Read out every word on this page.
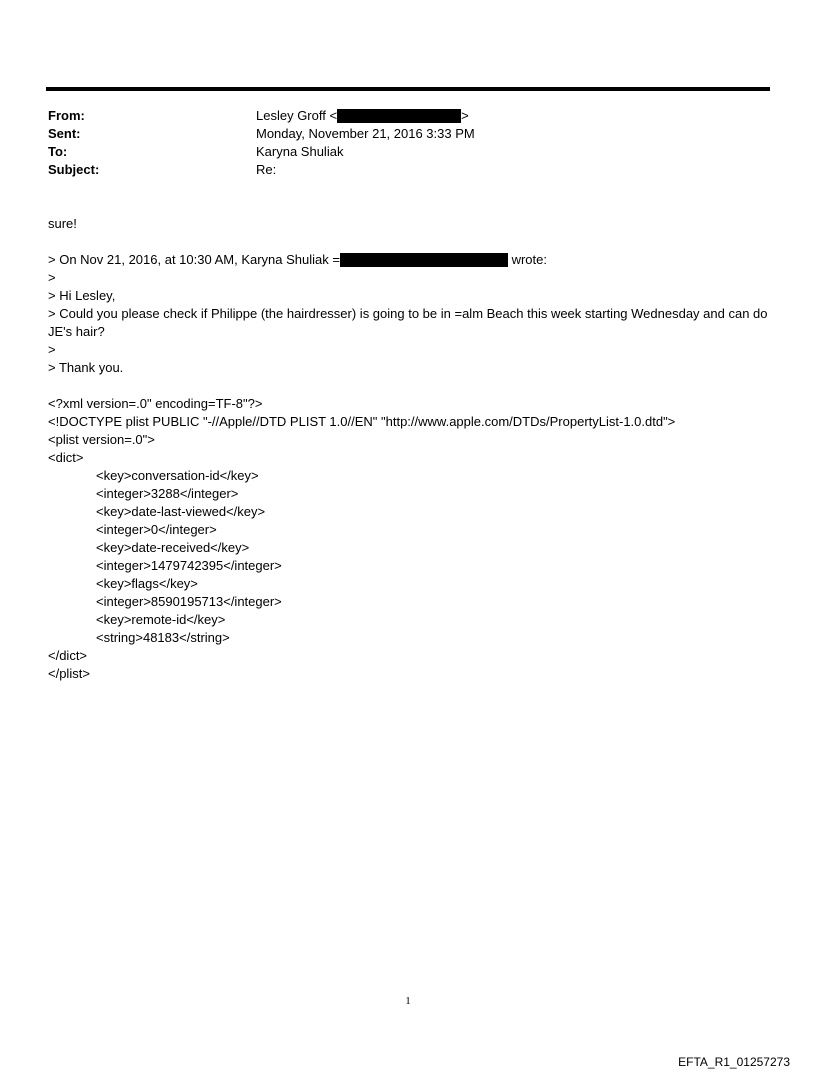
From:	Lesley Groff <	>
Sent:	Monday, November 21, 2016 3:33 PM
To:	Karyna Shuliak
Subject:	Re:
sure!
> On Nov 21, 2016, at 10:30 AM, Karyna Shuliak =	wrote:
>
> Hi Lesley,
> Could you please check if Philippe (the hairdresser) is going to be in =alm Beach this week starting Wednesday and can do JE's hair?
>
> Thank you.
<?xml version=.0" encoding=TF-8"?>
<!DOCTYPE plist PUBLIC "-//Apple//DTD PLIST 1.0//EN" "http://www.apple.com/DTDs/PropertyList-1.0.dtd">
<plist version=.0">
<dict>
<key>conversation-id</key>
<integer>3288</integer>
<key>date-last-viewed</key>
<integer>0</integer>
<key>date-received</key>
<integer>1479742395</integer>
<key>flags</key>
<integer>8590195713</integer>
<key>remote-id</key>
<string>48183</string>
</dict>
</plist>
1
EFTA_R1_01257273
